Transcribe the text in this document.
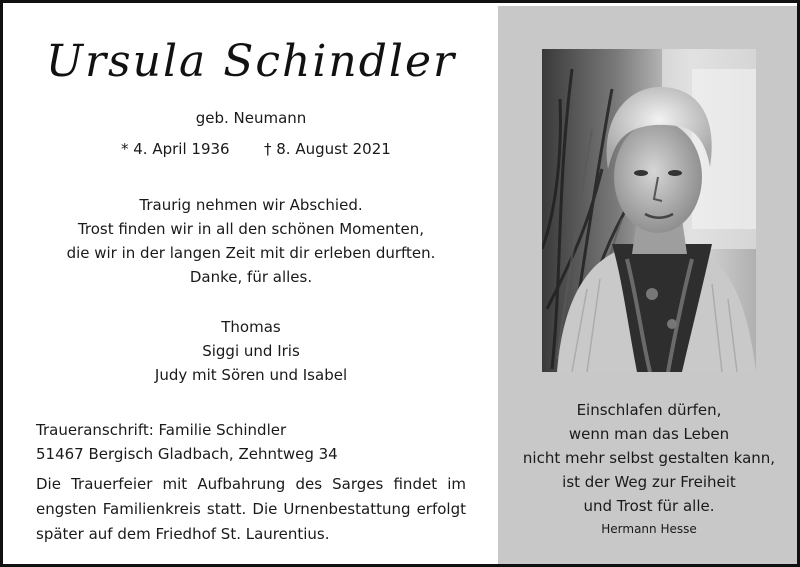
Ursula Schindler
geb. Neumann
* 4. April 1936 † 8. August 2021
Traurig nehmen wir Abschied.
Trost finden wir in all den schönen Momenten,
die wir in der langen Zeit mit dir erleben durften.
Danke, für alles.
Thomas
Siggi und Iris
Judy mit Sören und Isabel
Traueranschrift: Familie Schindler
51467 Bergisch Gladbach, Zehntweg 34
Die Trauerfeier mit Aufbahrung des Sarges findet im engsten Familienkreis statt. Die Urnenbestattung erfolgt später auf dem Friedhof St. Laurentius.
Einschlafen dürfen,
wenn man das Leben
nicht mehr selbst gestalten kann,
ist der Weg zur Freiheit
und Trost für alle.
Hermann Hesse
